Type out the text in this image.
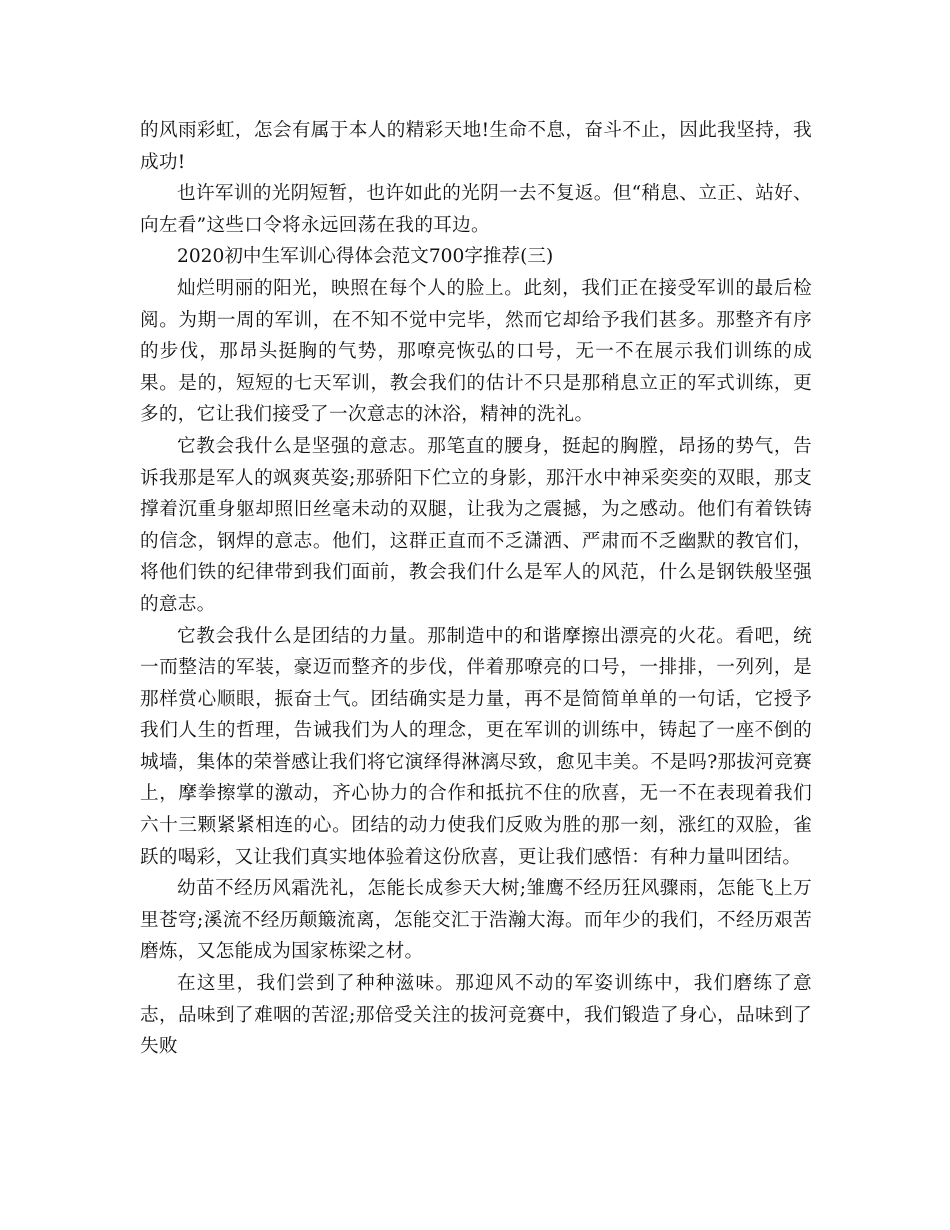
的风雨彩虹，怎会有属于本人的精彩天地!生命不息，奋斗不止，因此我坚持，我成功!

也许军训的光阴短暂，也许如此的光阴一去不复返。但“稍息、立正、站好、向左看”这些口令将永远回荡在我的耳边。

2020初中生军训心得体会范文700字推荐(三)

灿烂明丽的阳光，映照在每个人的脸上。此刻，我们正在接受军训的最后检阅。为期一周的军训，在不知不觉中完毕，然而它却给予我们甚多。那整齐有序的步伐，那昂头挺胸的气势，那嘹亮恢弘的口号，无一不在展示我们训练的成果。是的，短短的七天军训，教会我们的估计不只是那稍息立正的军式训练，更多的，它让我们接受了一次意志的沐浴，精神的洗礼。

它教会我什么是坚强的意志。那笔直的腰身，挺起的胸膛，昂扬的势气，告诉我那是军人的飒爽英姿;那骄阳下伫立的身影，那汗水中神采奕奕的双眼，那支撑着沉重身躯却照旧丝毫未动的双腿，让我为之震撼，为之感动。他们有着铁铸的信念，钢焊的意志。他们，这群正直而不乏潇洒、严肃而不乏幽默的教官们，将他们铁的纪律带到我们面前，教会我们什么是军人的风范，什么是钢铁般坚强的意志。

它教会我什么是团结的力量。那制造中的和谐摩擦出漂亮的火花。看吧，统一而整洁的军装，豪迈而整齐的步伐，伴着那嘹亮的口号，一排排，一列列，是那样赏心顺眼，振奋士气。团结确实是力量，再不是简简单单的一句话，它授予我们人生的哲理，告诫我们为人的理念，更在军训的训练中，铸起了一座不倒的城墙，集体的荣誉感让我们将它演绎得淋漓尽致，愈见丰美。不是吗?那拔河竞赛上，摩拳擦掌的激动，齐心协力的合作和抵抗不住的欣喜，无一不在表现着我们六十三颗紧紧相连的心。团结的动力使我们反败为胜的那一刻，涨红的双脸，雀跃的喝彩，又让我们真实地体验着这份欣喜，更让我们感悟：有种力量叫团结。

幼苗不经历风霜洗礼，怎能长成参天大树;雏鹰不经历狂风骤雨，怎能飞上万里苍穹;溪流不经历颠簸流离，怎能交汇于浩瀚大海。而年少的我们，不经历艰苦磨炼，又怎能成为国家栋梁之材。

在这里，我们尝到了种种滋味。那迎风不动的军姿训练中，我们磨练了意志，品味到了难咽的苦涩;那倍受关注的拔河竞赛中，我们锻造了身心，品味到了失败
